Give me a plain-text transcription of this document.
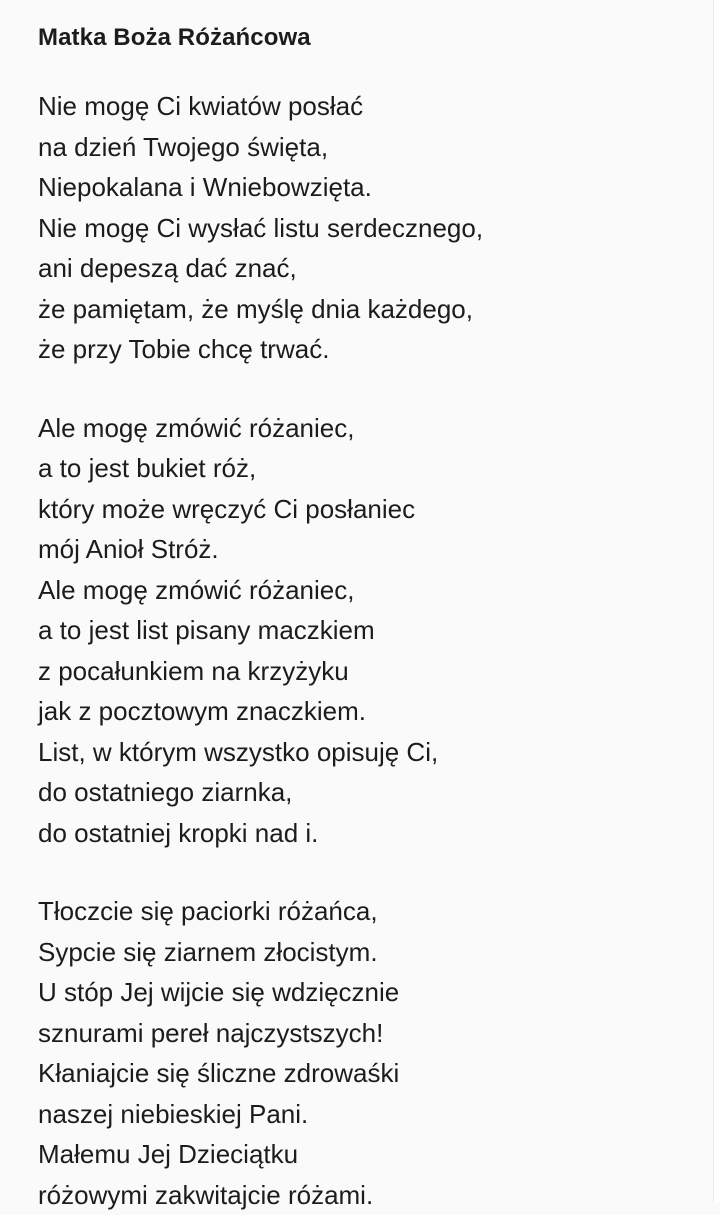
Matka Boża Różańcowa
Nie mogę Ci kwiatów posłać
na dzień Twojego święta,
Niepokalana i Wniebowzięta.
Nie mogę Ci wysłać listu serdecznego,
ani depeszą dać znać,
że pamiętam, że myślę dnia każdego,
że przy Tobie chcę trwać.
Ale mogę zmówić różaniec,
a to jest bukiet róż,
który może wręczyć Ci posłaniec
mój Anioł Stróż.
Ale mogę zmówić różaniec,
a to jest list pisany maczkiem
z pocałunkiem na krzyżyku
jak z pocztowym znaczkiem.
List, w którym wszystko opisuję Ci,
do ostatniego ziarnka,
do ostatniej kropki nad i.
Tłoczcie się paciorki różańca,
Sypcie się ziarnem złocistym.
U stóp Jej wijcie się wdzięcznie
sznurami pereł najczystszych!
Kłaniajcie się śliczne zdrowaśki
naszej niebieskiej Pani.
Małemu Jej Dzieciątku
różowymi zakwitajcie różami.
